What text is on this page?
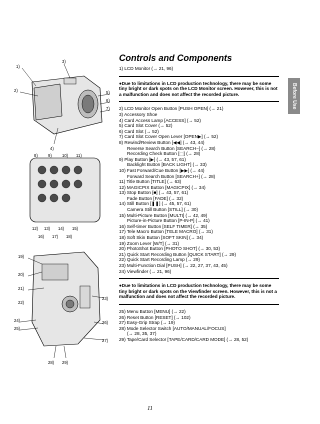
Before Use
1)
2)
3)
4)
5)
6)
7)
8) 9) 10) 11)
12) 13) 14) 15)
16) 17) 18)
19)
20)
21)
22)
23)
24)
25)
26)
27)
28) 29)
Controls and Components
1) LCD Monitor (→ 21, 96)
●Due to limitations in LCD production technology, there may be some tiny bright or dark spots on the LCD Monitor screen. However, this is not a malfunction and does not affect the recorded picture.
2) LCD Monitor Open Button [PUSH OPEN] (→ 21)
3) Accessory Shoe
4) Card Access Lamp [ACCESS] (→ 52)
5) Card Slot Cover (→ 52)
6) Card Slot (→ 52)
7) Card Slot Cover Open Lever [OPEN▶] (→ 52)
8) Rewind/Review Button [◀◀] (→ 43, 44)
Reverse Search Button [SEARCH−] (→ 28)
Recording Check Button [⬚] (→ 28)
9) Play Button [▶] (→ 43, 57, 61)
Backlight Button [BACK LIGHT] (→ 33)
10) Fast Forward/Cue Button [▶▶] (→ 44)
Forward Search Button [SEARCH+] (→ 28)
11) Title Button [TITLE] (→ 63)
12) MAGICPIX Button [MAGICPIX] (→ 34)
13) Stop Button [■] (→ 43, 57, 61)
Fade Button [FADE] (→ 32)
14) Still Button [❚❚] (→ 45, 57, 61)
Camera Still Button [STILL] (→ 30)
15) Multi-Picture Button [MULTI] (→ 42, 49)
Picture-in-Picture Button [P-IN-P] (→ 41)
16) Self-timer Button [SELF TIMER] (→ 35)
17) Tele Macro Button [TELE MACRO] (→ 31)
18) Soft Skin Button [SOFT SKIN] (→ 34)
19) Zoom Lever [W/T] (→ 31)
20) PhotoShot Button [PHOTO SHOT] (→ 30, 53)
21) Quick Start Recording Button [QUICK START] (→ 29)
22) Quick Start Recording Lamp (→ 29)
23) Multi-Function Dial [PUSH] (→ 22, 27, 37, 43, 45)
24) Viewfinder (→ 21, 96)
●Due to limitations in LCD production technology, there may be some tiny bright or dark spots on the Viewfinder screen. However, this is not a malfunction and does not affect the recorded picture.
25) Menu Button [MENU] (→ 22)
26) Reset Button [RESET] (→ 102)
27) Easy-Grip Strap (→ 19)
28) Mode Selector Switch [AUTO/MANUAL/FOCUS]
(→ 28, 35, 37)
29) Tape/Card Selector [TAPE/CARD/CARD MODE] (→ 28, 52)
11
